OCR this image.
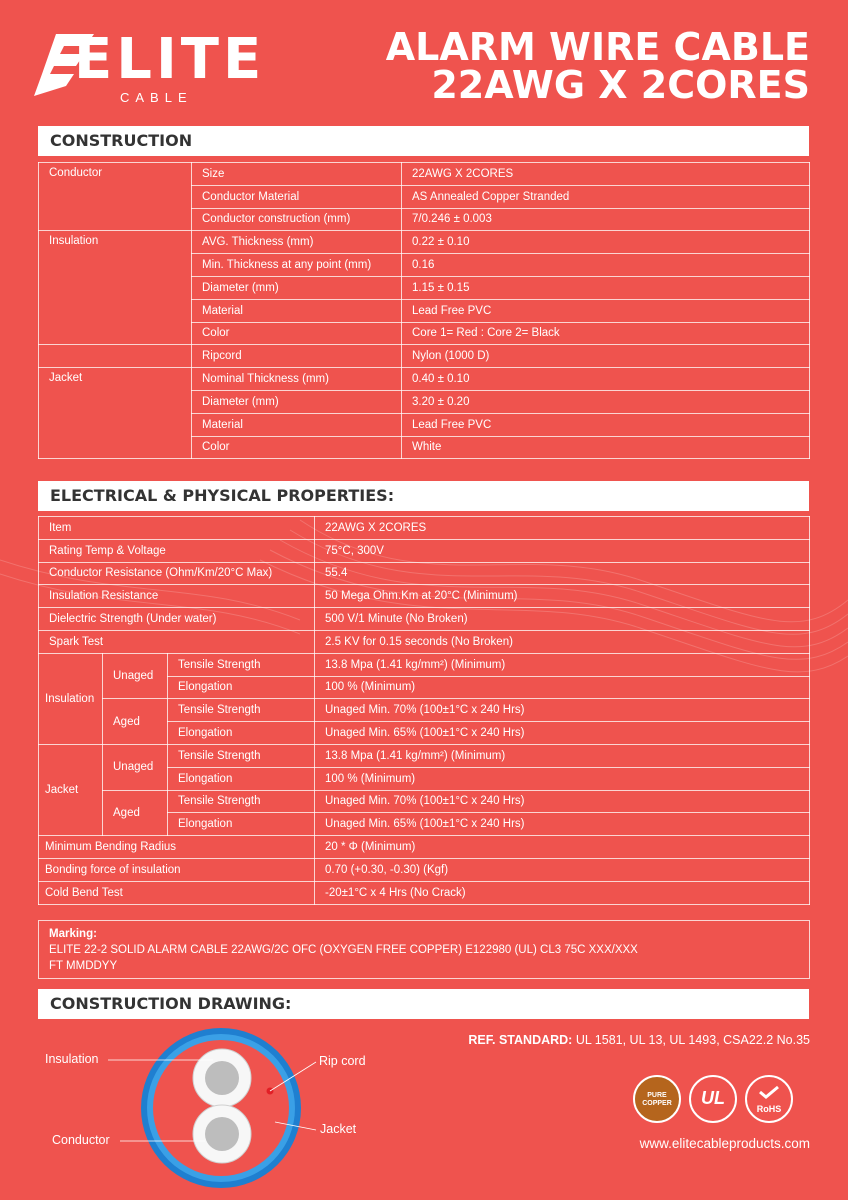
ELITE
CABLE
ALARM WIRE CABLE
22AWG X 2CORES
CONSTRUCTION
Conductor	Size	22AWG X 2CORES
	Conductor Material	AS Annealed Copper Stranded
	Conductor construction (mm)	7/0.246 ± 0.003
Insulation	AVG. Thickness (mm)	0.22 ± 0.10
	Min. Thickness at any point (mm)	0.16
	Diameter (mm)	1.15 ± 0.15
	Material	Lead Free PVC
	Color	Core 1= Red : Core 2= Black
	Ripcord	Nylon (1000 D)
Jacket	Nominal Thickness (mm)	0.40 ± 0.10
	Diameter (mm)	3.20 ± 0.20
	Material	Lead Free PVC
	Color	White
ELECTRICAL & PHYSICAL PROPERTIES:
Item			22AWG X 2CORES
Rating Temp & Voltage			75°C, 300V
Conductor Resistance (Ohm/Km/20°C Max)			55.4
Insulation Resistance			50 Mega Ohm.Km at 20°C (Minimum)
Dielectric Strength (Under water)			500 V/1 Minute (No Broken)
Spark Test			2.5 KV for 0.15 seconds (No Broken)
Insulation	Unaged	Tensile Strength	13.8 Mpa (1.41 kg/mm²) (Minimum)
		Elongation	100 % (Minimum)
	Aged	Tensile Strength	Unaged Min. 70% (100±1°C x 240 Hrs)
		Elongation	Unaged Min. 65% (100±1°C x 240 Hrs)
Jacket	Unaged	Tensile Strength	13.8 Mpa (1.41 kg/mm²) (Minimum)
		Elongation	100 % (Minimum)
	Aged	Tensile Strength	Unaged Min. 70% (100±1°C x 240 Hrs)
		Elongation	Unaged Min. 65% (100±1°C x 240 Hrs)
Minimum Bending Radius			20 * Φ (Minimum)
Bonding force of insulation			0.70 (+0.30, -0.30) (Kgf)
Cold Bend Test			-20±1°C x 4 Hrs (No Crack)
Marking:
ELITE 22-2 SOLID ALARM CABLE 22AWG/2C OFC (OXYGEN FREE COPPER) E122980 (UL) CL3 75C XXX/XXX
FT MMDDYY
CONSTRUCTION DRAWING:
Insulation
Conductor
Rip cord
Jacket
REF. STANDARD: UL 1581, UL 13, UL 1493, CSA22.2 No.35
PURE
COPPER	UL
RoHS
www.elitecableproducts.com
